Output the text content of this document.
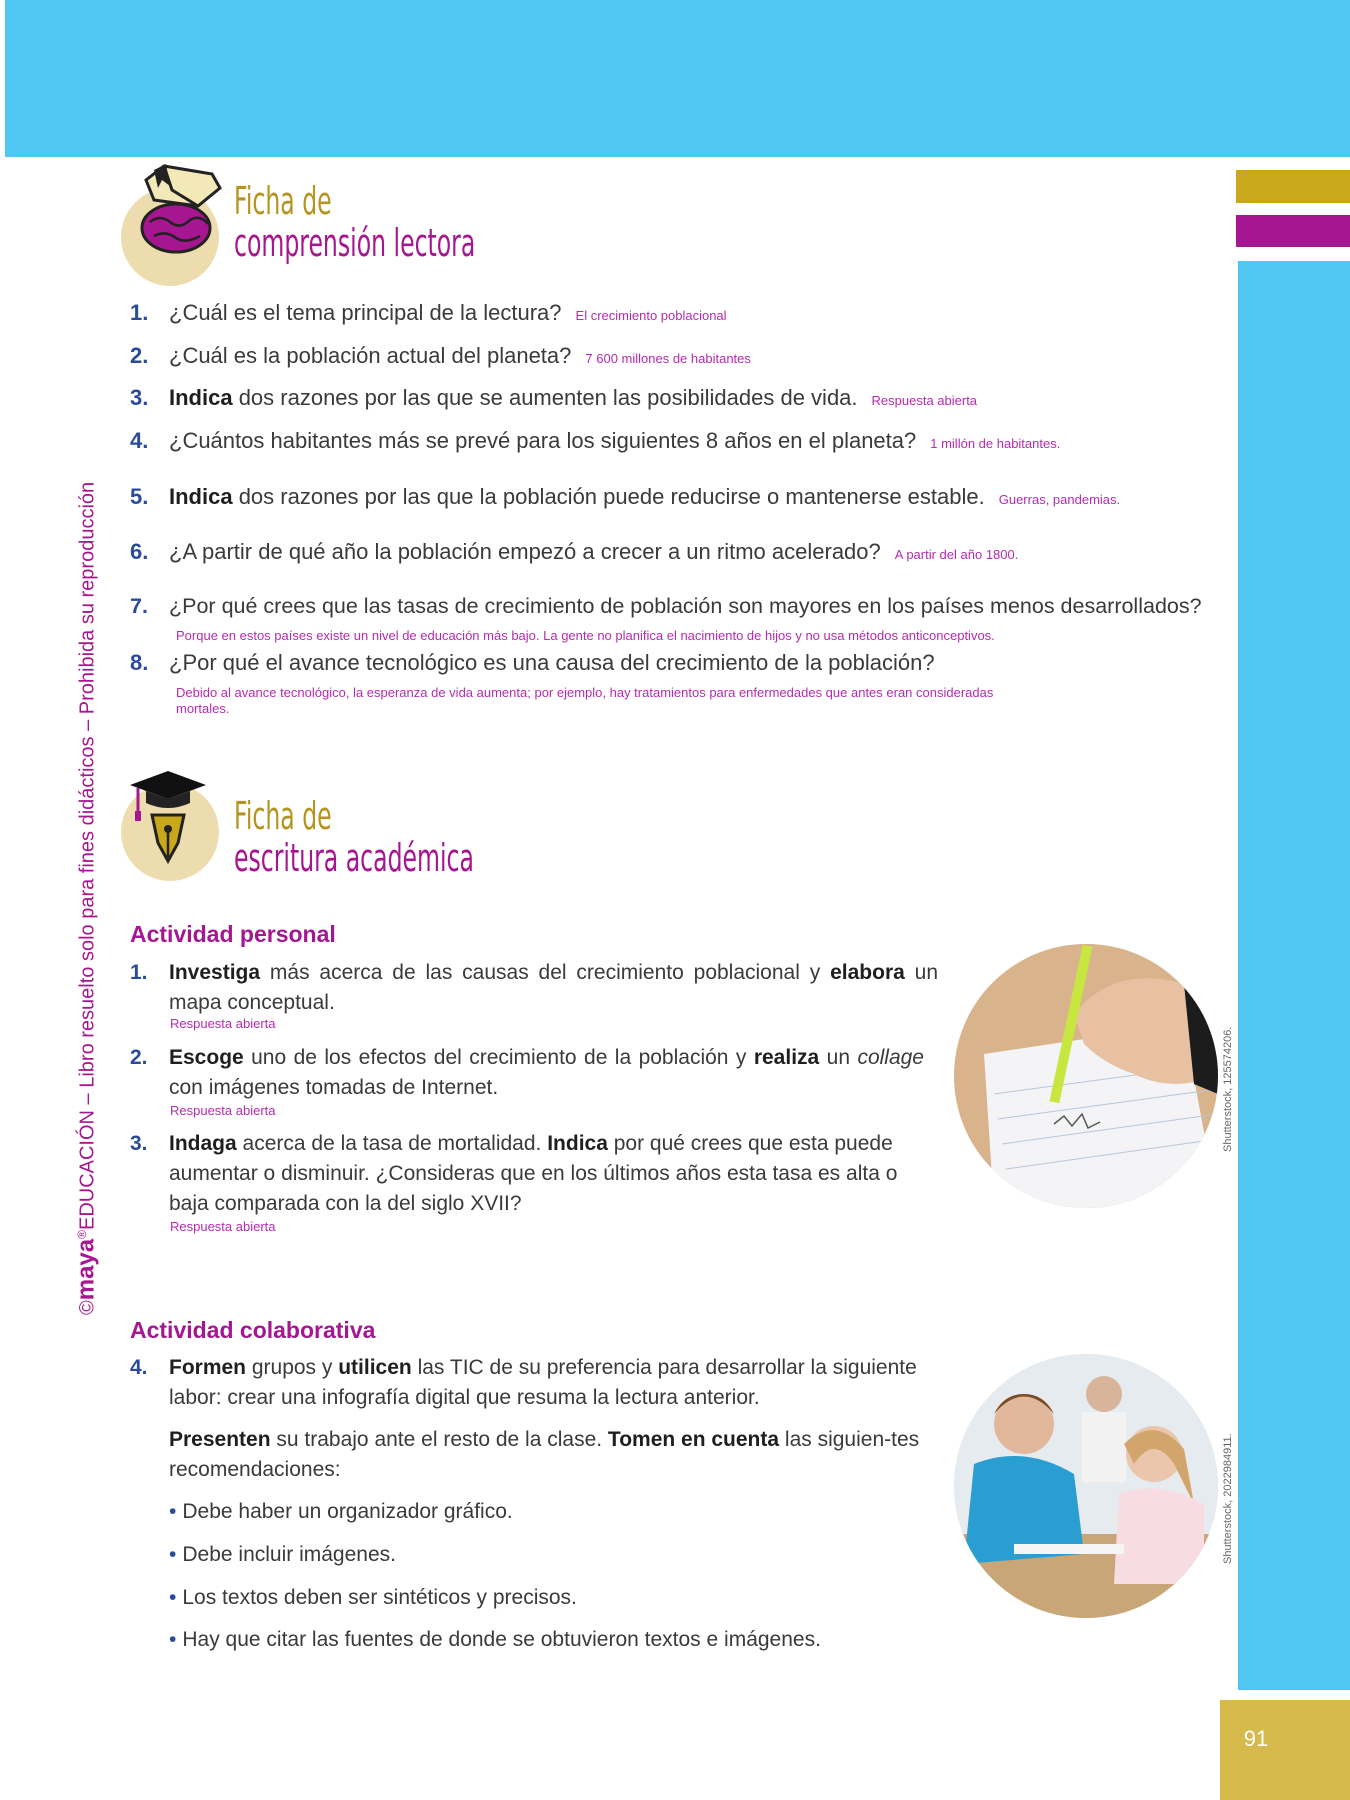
©maya®EDUCACIÓN – Libro resuelto solo para fines didácticos – Prohibida su reproducción
Ficha de
comprensión lectora
1. ¿Cuál es el tema principal de la lectura? El crecimiento poblacional
2. ¿Cuál es la población actual del planeta? 7 600 millones de habitantes
3. Indica dos razones por las que se aumenten las posibilidades de vida. Respuesta abierta
4. ¿Cuántos habitantes más se prevé para los siguientes 8 años en el planeta? 1 millón de habitantes.
5. Indica dos razones por las que la población puede reducirse o mantenerse estable. Guerras, pandemias.
6. ¿A partir de qué año la población empezó a crecer a un ritmo acelerado? A partir del año 1800.
7. ¿Por qué crees que las tasas de crecimiento de población son mayores en los países menos desarrollados?
Porque en estos países existe un nivel de educación más bajo. La gente no planifica el nacimiento de hijos y no usa métodos anticonceptivos.
8. ¿Por qué el avance tecnológico es una causa del crecimiento de la población?
Debido al avance tecnológico, la esperanza de vida aumenta; por ejemplo, hay tratamientos para enfermedades que antes eran consideradas
mortales.
Ficha de
escritura académica
Actividad personal
1. Investiga más acerca de las causas del crecimiento poblacional y elabora un mapa conceptual.
Respuesta abierta
2. Escoge uno de los efectos del crecimiento de la población y realiza un collage con imágenes tomadas de Internet.
Respuesta abierta
3. Indaga acerca de la tasa de mortalidad. Indica por qué crees que esta puede aumentar o disminuir. ¿Consideras que en los últimos años esta tasa es alta o baja comparada con la del siglo XVII?
Respuesta abierta
Shutterstock, 125574206.
Actividad colaborativa
4. Formen grupos y utilicen las TIC de su preferencia para desarrollar la siguiente labor: crear una infografía digital que resuma la lectura anterior.
Presenten su trabajo ante el resto de la clase. Tomen en cuenta las siguien-tes recomendaciones:
• Debe haber un organizador gráfico.
• Debe incluir imágenes.
• Los textos deben ser sintéticos y precisos.
• Hay que citar las fuentes de donde se obtuvieron textos e imágenes.
Shutterstock, 2022984911.
91
